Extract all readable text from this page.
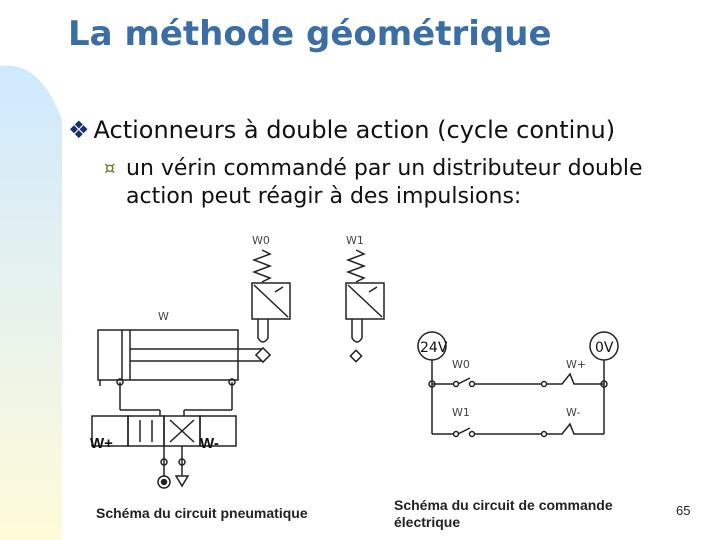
La méthode géométrique
❖ Actionneurs à double action (cycle continu)
¤ un vérin commandé par un distributeur double action peut réagir à des impulsions:
W0	W1
W
W+	W-
Schéma du circuit pneumatique
24V	0V
W0	W+
W1	W-
Schéma du circuit de commande
électrique
65
